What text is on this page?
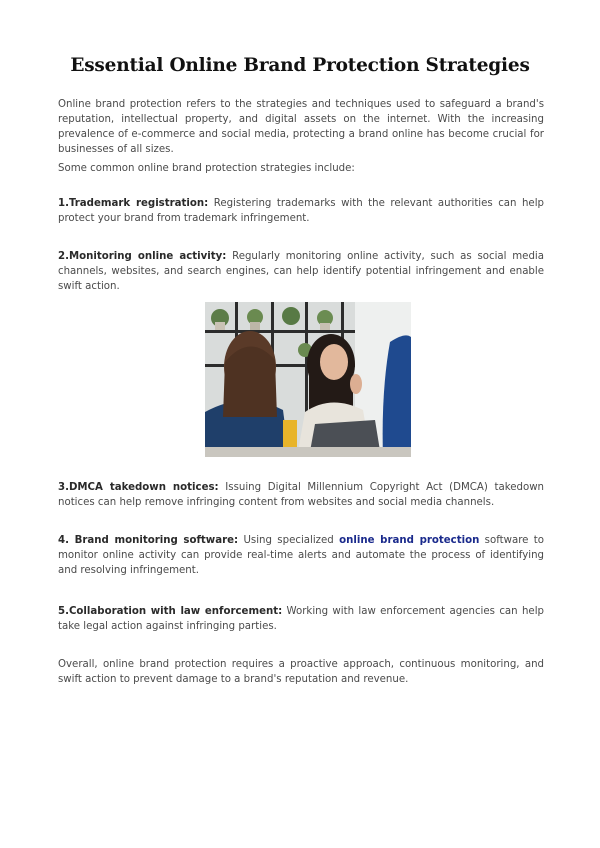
Essential Online Brand Protection Strategies

Online brand protection refers to the strategies and techniques used to safeguard a brand's reputation, intellectual property, and digital assets on the internet. With the increasing prevalence of e-commerce and social media, protecting a brand online has become crucial for businesses of all sizes.

Some common online brand protection strategies include:

1.Trademark registration: Registering trademarks with the relevant authorities can help protect your brand from trademark infringement.

2.Monitoring online activity: Regularly monitoring online activity, such as social media channels, websites, and search engines, can help identify potential infringement and enable swift action.

3.DMCA takedown notices: Issuing Digital Millennium Copyright Act (DMCA) takedown notices can help remove infringing content from websites and social media channels.

4. Brand monitoring software: Using specialized online brand protection software to monitor online activity can provide real-time alerts and automate the process of identifying and resolving infringement.

5.Collaboration with law enforcement: Working with law enforcement agencies can help take legal action against infringing parties.

Overall, online brand protection requires a proactive approach, continuous monitoring, and swift action to prevent damage to a brand's reputation and revenue.
